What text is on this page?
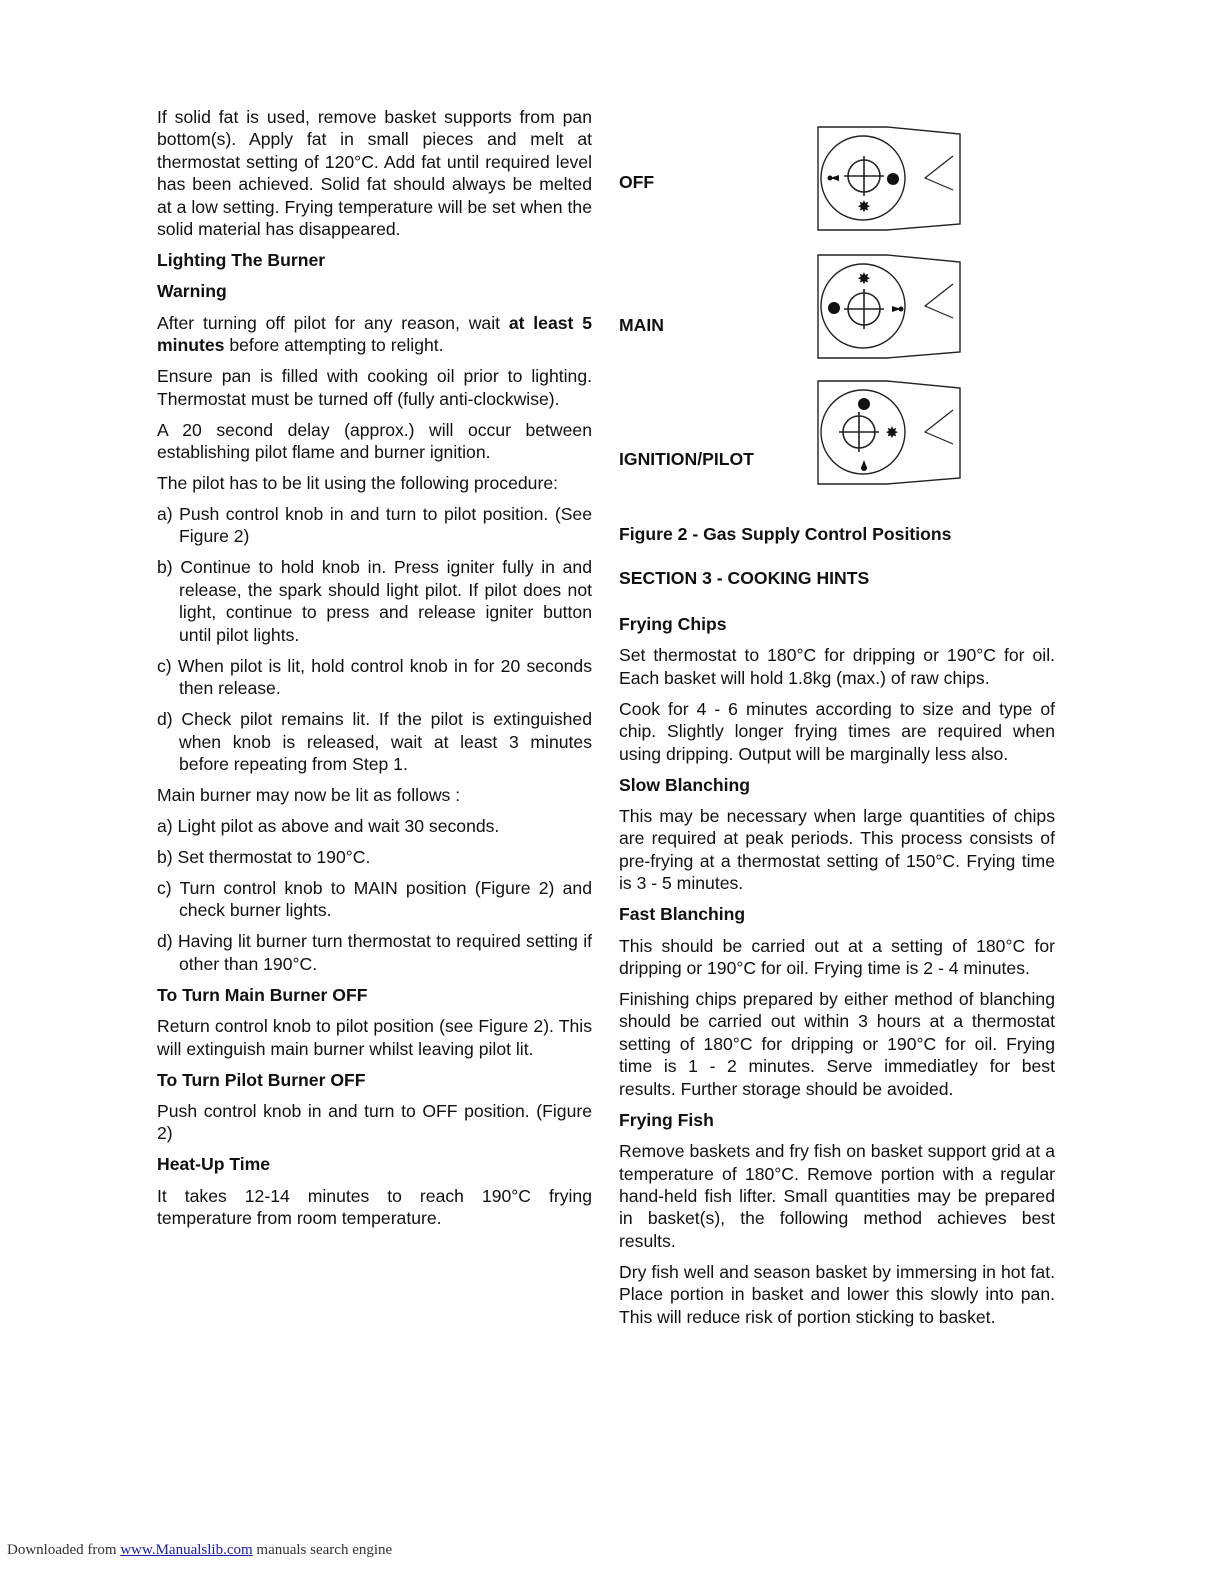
If solid fat is used, remove basket supports from pan bottom(s). Apply fat in small pieces and melt at thermostat setting of 120°C. Add fat until required level has been achieved. Solid fat should always be melted at a low setting. Frying temperature will be set when the solid material has disappeared.

Lighting The Burner
Warning

After turning off pilot for any reason, wait at least 5 minutes before attempting to relight.

Ensure pan is filled with cooking oil prior to lighting. Thermostat must be turned off (fully anti-clockwise).

A 20 second delay (approx.) will occur between establishing pilot flame and burner ignition.

The pilot has to be lit using the following procedure:

a) Push control knob in and turn to pilot position. (See Figure 2)

b) Continue to hold knob in. Press igniter fully in and release, the spark should light pilot. If pilot does not light, continue to press and release igniter button until pilot lights.

c) When pilot is lit, hold control knob in for 20 seconds then release.

d) Check pilot remains lit. If the pilot is extinguished when knob is released, wait at least 3 minutes before repeating from Step 1.

Main burner may now be lit as follows :

a) Light pilot as above and wait 30 seconds.

b) Set thermostat to 190°C.

c) Turn control knob to MAIN position (Figure 2) and check burner lights.

d) Having lit burner turn thermostat to required setting if other than 190°C.

To Turn Main Burner OFF

Return control knob to pilot position (see Figure 2). This will extinguish main burner whilst leaving pilot lit.

To Turn Pilot Burner OFF

Push control knob in and turn to OFF position. (Figure 2)

Heat-Up Time

It takes 12-14 minutes to reach 190°C frying temperature from room temperature.

OFF
MAIN
IGNITION/PILOT
✸
✸
✸
Figure 2 - Gas Supply Control Positions
SECTION 3 - COOKING HINTS
Frying Chips

Set thermostat to 180°C for dripping or 190°C for oil. Each basket will hold 1.8kg (max.) of raw chips.

Cook for 4 - 6 minutes according to size and type of chip. Slightly longer frying times are required when using dripping. Output will be marginally less also.

Slow Blanching

This may be necessary when large quantities of chips are required at peak periods. This process consists of pre-frying at a thermostat setting of 150°C. Frying time is 3 - 5 minutes.

Fast Blanching

This should be carried out at a setting of 180°C for dripping or 190°C for oil. Frying time is 2 - 4 minutes.

Finishing chips prepared by either method of blanching should be carried out within 3 hours at a thermostat setting of 180°C for dripping or 190°C for oil. Frying time is 1 - 2 minutes. Serve immediatley for best results. Further storage should be avoided.

Frying Fish

Remove baskets and fry fish on basket support grid at a temperature of 180°C. Remove portion with a regular hand-held fish lifter. Small quantities may be prepared in basket(s), the following method achieves best results.

Dry fish well and season basket by immersing in hot fat. Place portion in basket and lower this slowly into pan. This will reduce risk of portion sticking to basket.

Downloaded from www.Manualslib.com manuals search engine
